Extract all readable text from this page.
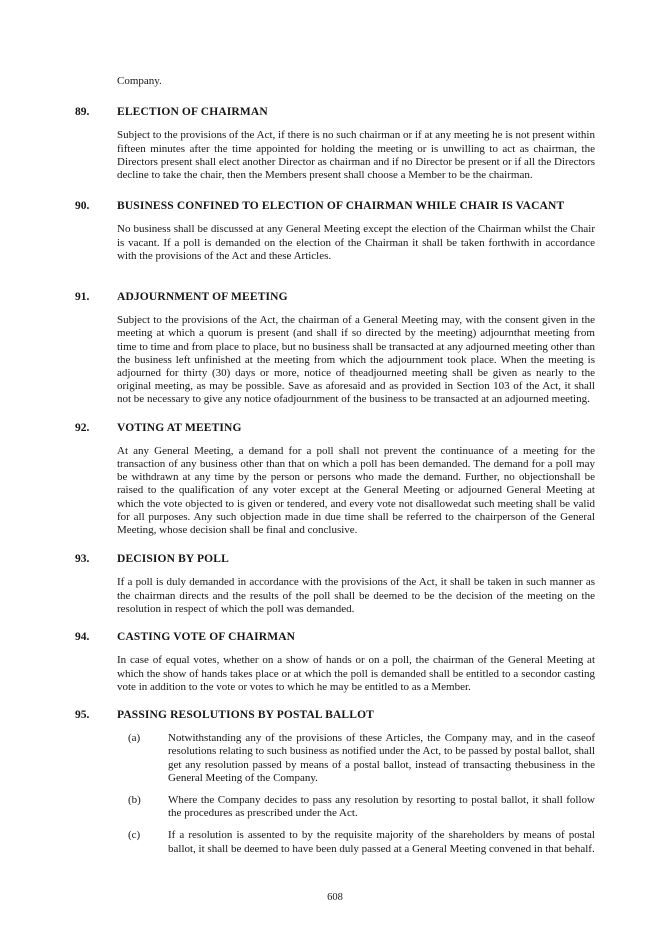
Company.

89.	ELECTION OF CHAIRMAN

Subject to the provisions of the Act, if there is no such chairman or if at any meeting he is not present within fifteen minutes after the time appointed for holding the meeting or is unwilling to act as chairman, the Directors present shall elect another Director as chairman and if no Director be present or if all the Directors decline to take the chair, then the Members present shall choose a Member to be the chairman.

90.	BUSINESS CONFINED TO ELECTION OF CHAIRMAN WHILE CHAIR IS VACANT

No business shall be discussed at any General Meeting except the election of the Chairman whilst the Chair is vacant. If a poll is demanded on the election of the Chairman it shall be taken forthwith in accordance with the provisions of the Act and these Articles.

91.	ADJOURNMENT OF MEETING

Subject to the provisions of the Act, the chairman of a General Meeting may, with the consent given in the meeting at which a quorum is present (and shall if so directed by the meeting) adjournthat meeting from time to time and from place to place, but no business shall be transacted at any adjourned meeting other than the business left unfinished at the meeting from which the adjournment took place. When the meeting is adjourned for thirty (30) days or more, notice of theadjourned meeting shall be given as nearly to the original meeting, as may be possible. Save as aforesaid and as provided in Section 103 of the Act, it shall not be necessary to give any notice ofadjournment of the business to be transacted at an adjourned meeting.

92.	VOTING AT MEETING

At any General Meeting, a demand for a poll shall not prevent the continuance of a meeting for the transaction of any business other than that on which a poll has been demanded. The demand for a poll may be withdrawn at any time by the person or persons who made the demand. Further, no objectionshall be raised to the qualification of any voter except at the General Meeting or adjourned General Meeting at which the vote objected to is given or tendered, and every vote not disallowedat such meeting shall be valid for all purposes. Any such objection made in due time shall be referred to the chairperson of the General Meeting, whose decision shall be final and conclusive.

93.	DECISION BY POLL

If a poll is duly demanded in accordance with the provisions of the Act, it shall be taken in such manner as the chairman directs and the results of the poll shall be deemed to be the decision of the meeting on the resolution in respect of which the poll was demanded.

94.	CASTING VOTE OF CHAIRMAN

In case of equal votes, whether on a show of hands or on a poll, the chairman of the General Meeting at which the show of hands takes place or at which the poll is demanded shall be entitled to a secondor casting vote in addition to the vote or votes to which he may be entitled to as a Member.

95.	PASSING RESOLUTIONS BY POSTAL BALLOT
(a)	Notwithstanding any of the provisions of these Articles, the Company may, and in the caseof resolutions relating to such business as notified under the Act, to be passed by postal ballot, shall get any resolution passed by means of a postal ballot, instead of transacting thebusiness in the General Meeting of the Company.

(b)	Where the Company decides to pass any resolution by resorting to postal ballot, it shall follow the procedures as prescribed under the Act.

(c)	If a resolution is assented to by the requisite majority of the shareholders by means of postal ballot, it shall be deemed to have been duly passed at a General Meeting convened in that behalf.

608
